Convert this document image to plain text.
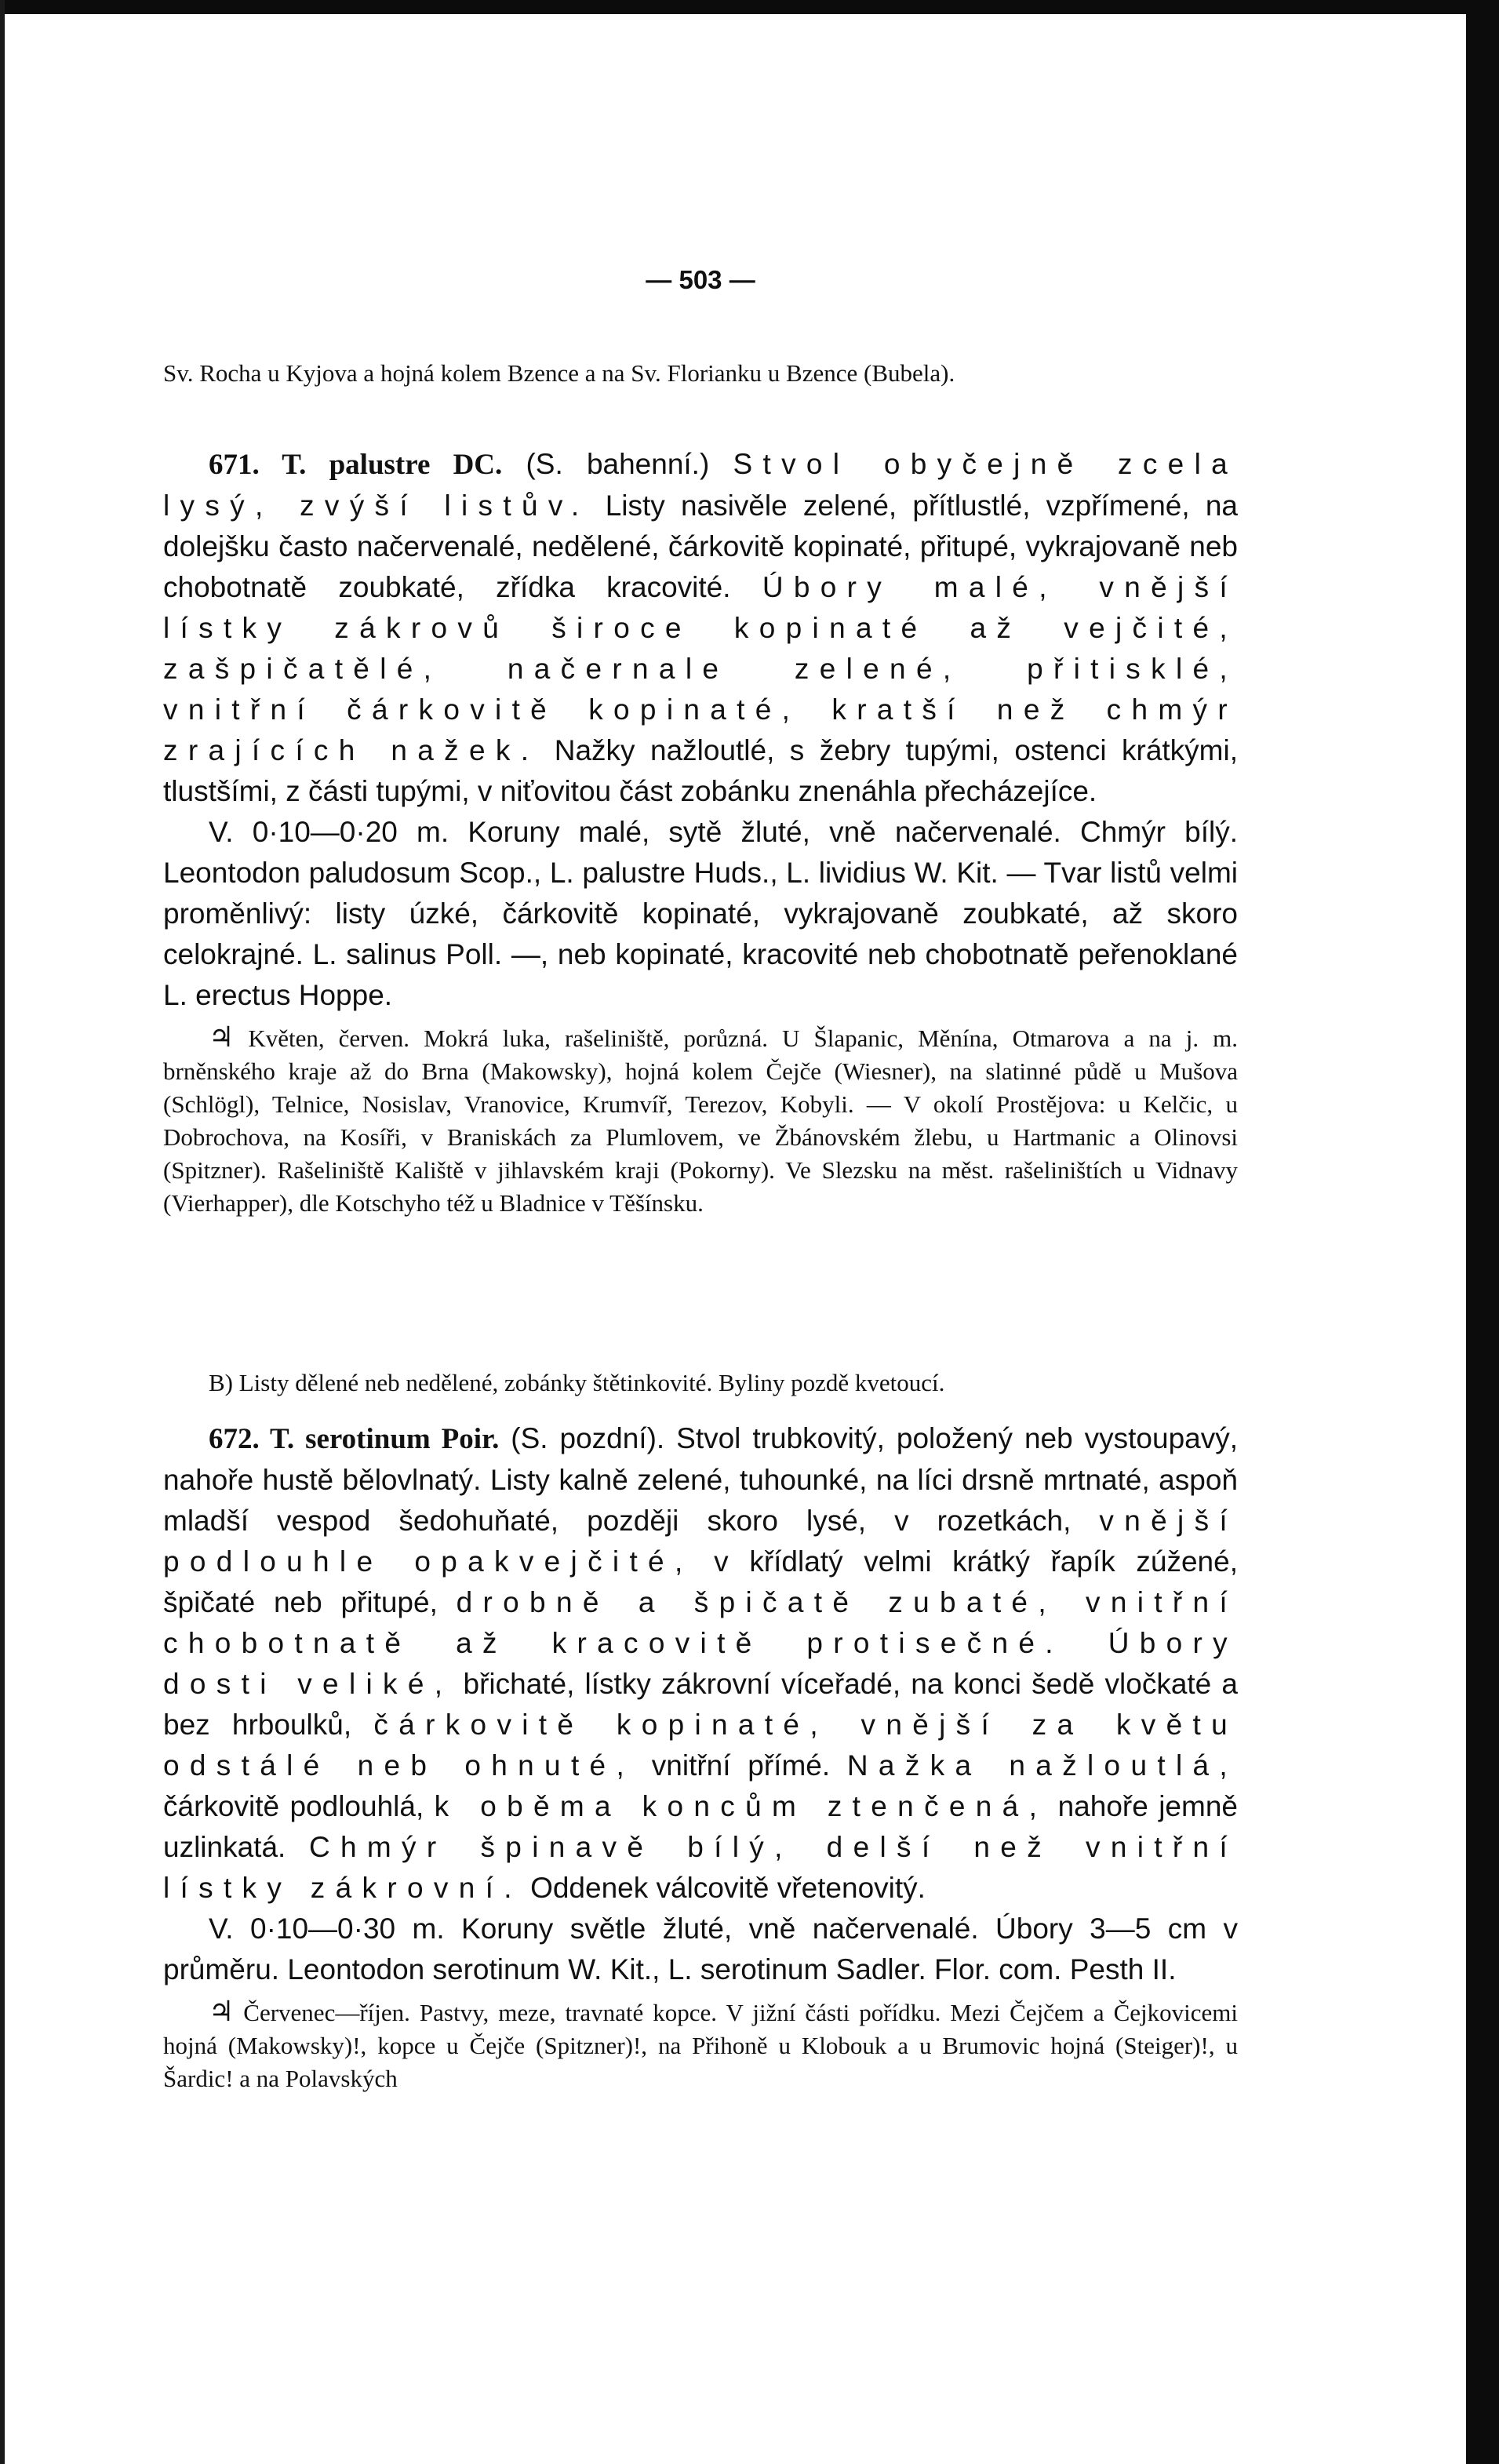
— 503 —

Sv. Rocha u Kyjova a hojná kolem Bzence a na Sv. Florianku u Bzence (Bubela).

671. T. palustre DC. (S. bahenní.) Stvol obyčejně zcela lysý, zvýší listův. Listy nasivěle zelené, přítlustlé, vzpřímené, na dolejšku často načervenalé, nedělené, čárkovitě kopinaté, přitupé, vykrajovaně neb chobotnatě zoubkaté, zřídka kracovité. Úbory malé, vnější lístky zákrovů široce kopinaté až vejčité, zašpičatělé, načernale zelené, přitisklé, vnitřní čárkovitě kopinaté, kratší než chmýr zrajících nažek. Nažky nažloutlé, s žebry tupými, ostenci krátkými, tlustšími, z části tupými, v niťovitou část zobánku znenáhla přecházejíce.

V. 0·10—0·20 m. Koruny malé, sytě žluté, vně načervenalé. Chmýr bílý. Leontodon paludosum Scop., L. palustre Huds., L. lividius W. Kit. — Tvar listů velmi proměnlivý: listy úzké, čárkovitě kopinaté, vykrajovaně zoubkaté, až skoro celokrajné. L. salinus Poll. —, neb kopinaté, kracovité neb chobotnatě peřenoklané L. erectus Hoppe.

♃ Květen, červen. Mokrá luka, rašeliniště, porůzná. U Šlapanic, Měnína, Otmarova a na j. m. brněnského kraje až do Brna (Makowsky), hojná kolem Čejče (Wiesner), na slatinné půdě u Mušova (Schlögl), Telnice, Nosislav, Vranovice, Krumvíř, Terezov, Kobyli. — V okolí Prostějova: u Kelčic, u Dobrochova, na Kosíři, v Braniskách za Plumlovem, ve Žbánovském žlebu, u Hartmanic a Olinovsi (Spitzner). Rašeliniště Kaliště v jihlavském kraji (Pokorny). Ve Slezsku na měst. rašeliništích u Vidnavy (Vierhapper), dle Kotschyho též u Bladnice v Těšínsku.

B) Listy dělené neb nedělené, zobánky štětinkovité. Byliny pozdě kvetoucí.

672. T. serotinum Poir. (S. pozdní). Stvol trubkovitý, položený neb vystoupavý, nahoře hustě bělovlnatý. Listy kalně zelené, tuhounké, na líci drsně mrtnaté, aspoň mladší vespod šedohuňaté, později skoro lysé, v rozetkách, vnější podlouhle opakvejčité, v křídlatý velmi krátký řapík zúžené, špičaté neb přitupé, drobně a špičatě zubaté, vnitřní chobotnatě až kracovitě protisečné. Úbory dosti veliké, břichaté, lístky zákrovní víceřadé, na konci šedě vločkaté a bez hrboulků, čárkovitě kopinaté, vnější za květu odstálé neb ohnuté, vnitřní přímé. Nažka nažloutlá, čárkovitě podlouhlá, k oběma koncům ztenčená, nahoře jemně uzlinkatá. Chmýr špinavě bílý, delší než vnitřní lístky zákrovní. Oddenek válcovitě vřetenovitý.

V. 0·10—0·30 m. Koruny světle žluté, vně načervenalé. Úbory 3—5 cm v průměru. Leontodon serotinum W. Kit., L. serotinum Sadler. Flor. com. Pesth II.

♃ Červenec—říjen. Pastvy, meze, travnaté kopce. V jižní části pořídku. Mezi Čejčem a Čejkovicemi hojná (Makowsky)!, kopce u Čejče (Spitzner)!, na Přihoně u Klobouk a u Brumovic hojná (Steiger)!, u Šardic! a na Polavských
